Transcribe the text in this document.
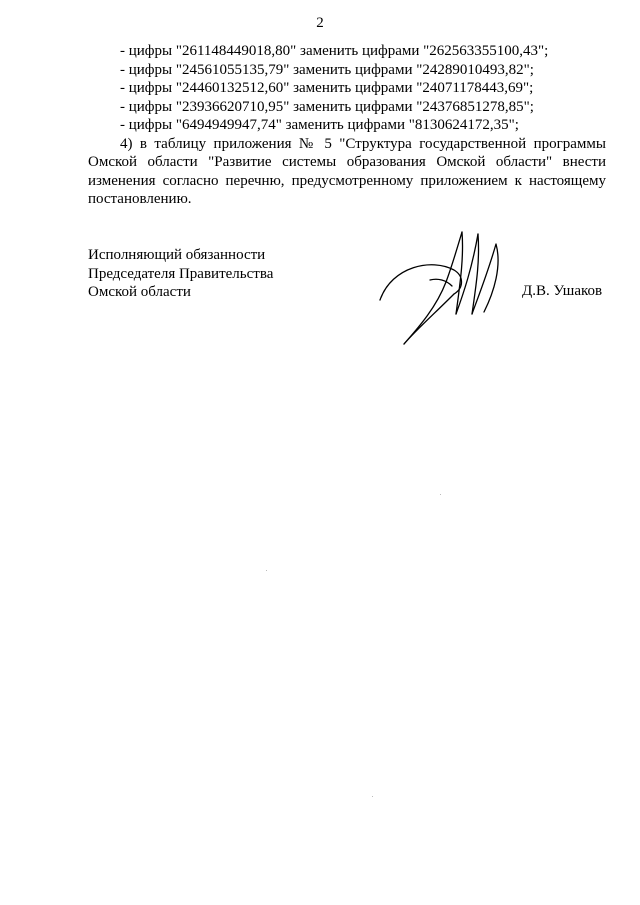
2
- цифры "261148449018,80" заменить цифрами "262563355100,43";
- цифры "24561055135,79" заменить цифрами "24289010493,82";
- цифры "24460132512,60" заменить цифрами "24071178443,69";
- цифры "23936620710,95" заменить цифрами "24376851278,85";
- цифры "6494949947,74" заменить цифрами "8130624172,35";

4) в таблицу приложения № 5 "Структура государственной программы Омской области "Развитие системы образования Омской области" внести изменения согласно перечню, предусмотренному приложением к настоящему постановлению.

Исполняющий обязанности
Председателя Правительства
Омской области	Д.В. Ушаков
